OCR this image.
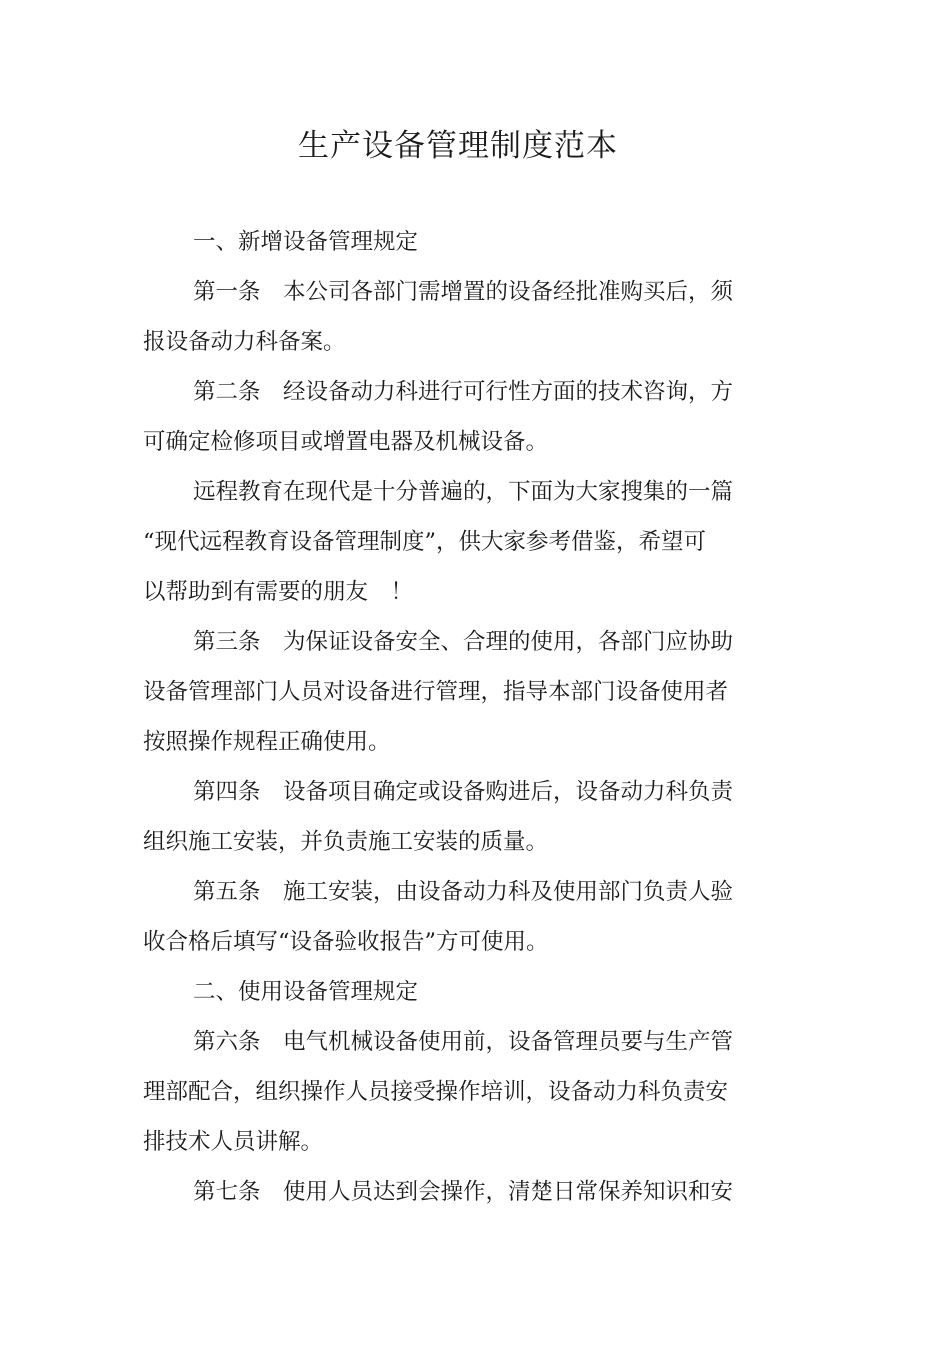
生产设备管理制度范本
一、新增设备管理规定
第一条　本公司各部门需增置的设备经批准购买后，须
报设备动力科备案。
第二条　经设备动力科进行可行性方面的技术咨询，方
可确定检修项目或增置电器及机械设备。
远程教育在现代是十分普遍的，下面为大家搜集的一篇
“现代远程教育设备管理制度”，供大家参考借鉴，希望可
以帮助到有需要的朋友　！
第三条　为保证设备安全、合理的使用，各部门应协助
设备管理部门人员对设备进行管理，指导本部门设备使用者
按照操作规程正确使用。
第四条　设备项目确定或设备购进后，设备动力科负责
组织施工安装，并负责施工安装的质量。
第五条　施工安装，由设备动力科及使用部门负责人验
收合格后填写“设备验收报告”方可使用。
二、使用设备管理规定
第六条　电气机械设备使用前，设备管理员要与生产管
理部配合，组织操作人员接受操作培训，设备动力科负责安
排技术人员讲解。
第七条　使用人员达到会操作，清楚日常保养知识和安
